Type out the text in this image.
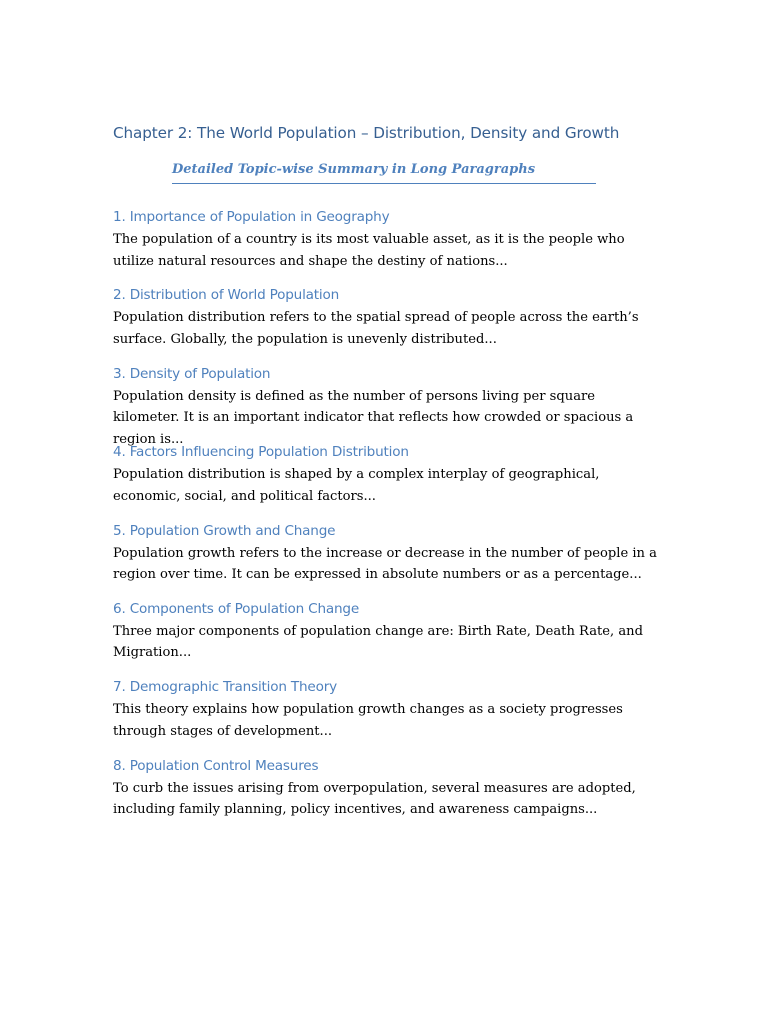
Chapter 2: The World Population – Distribution, Density and Growth

Detailed Topic-wise Summary in Long Paragraphs

1. Importance of Population in Geography

The population of a country is its most valuable asset, as it is the people who utilize natural resources and shape the destiny of nations...

2. Distribution of World Population

Population distribution refers to the spatial spread of people across the earth’s surface. Globally, the population is unevenly distributed...

3. Density of Population

Population density is defined as the number of persons living per square kilometer. It is an important indicator that reflects how crowded or spacious a region is...

4. Factors Influencing Population Distribution

Population distribution is shaped by a complex interplay of geographical, economic, social, and political factors...

5. Population Growth and Change

Population growth refers to the increase or decrease in the number of people in a region over time. It can be expressed in absolute numbers or as a percentage...

6. Components of Population Change

Three major components of population change are: Birth Rate, Death Rate, and Migration...

7. Demographic Transition Theory

This theory explains how population growth changes as a society progresses through stages of development...

8. Population Control Measures

To curb the issues arising from overpopulation, several measures are adopted, including family planning, policy incentives, and awareness campaigns...
